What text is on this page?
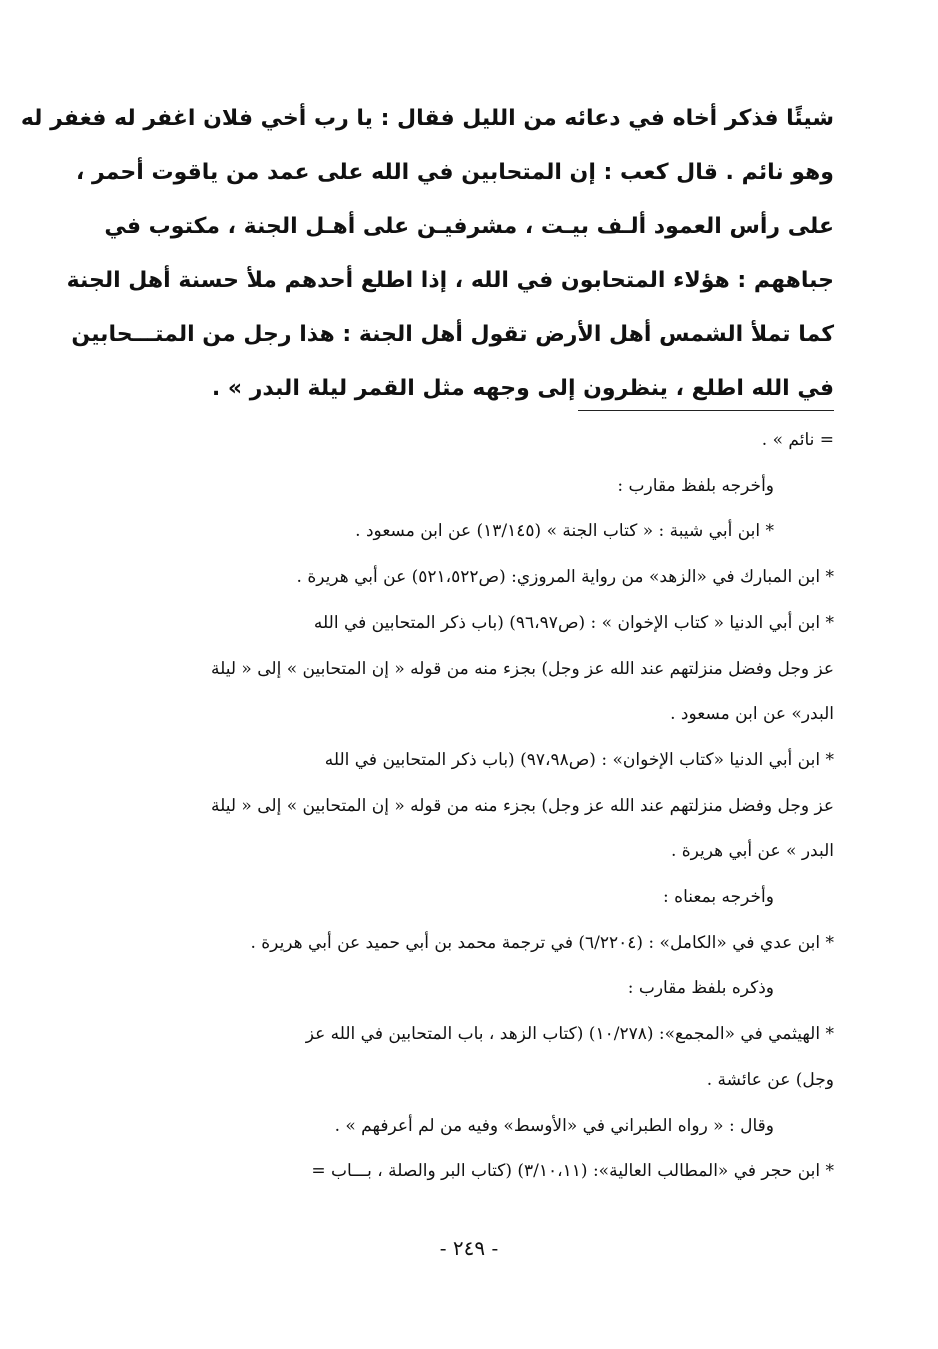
شيئًا فذكر أخاه في دعائه من الليل فقال : يا رب أخي فلان اغفر له فغفر له
وهو نائم . قال كعب : إن المتحابين في الله على عمد من ياقوت أحمر ،
على رأس العمود ألـف بيـت ، مشرفيـن على أهـل الجنة ، مكتوب في
جباههم : هؤلاء المتحابون في الله ، إذا اطلع أحدهم ملأ حسنة أهل الجنة
كما تملأ الشمس أهل الأرض تقول أهل الجنة : هذا رجل من المتـــحابين
في الله اطلع ، ينظرون إلى وجهه مثل القمر ليلة البدر » .
= نائم » .
وأخرجه بلفظ مقارب :
* ابن أبي شيبة : « كتاب الجنة » (١٣/١٤٥) عن ابن مسعود .
* ابن المبارك في «الزهد» من رواية المروزي: (ص٥٢١،٥٢٢) عن أبي هريرة .
* ابن أبي الدنيا « كتاب الإخوان » : (ص٩٦،٩٧) (باب ذكر المتحابين في الله
عز وجل وفضل منزلتهم عند الله عز وجل) بجزء منه من قوله « إن المتحابين » إلى « ليلة
البدر» عن ابن مسعود .
* ابن أبي الدنيا «كتاب الإخوان» : (ص٩٧،٩٨) (باب ذكر المتحابين في الله
عز وجل وفضل منزلتهم عند الله عز وجل) بجزء منه من قوله « إن المتحابين » إلى « ليلة
البدر » عن أبي هريرة .
وأخرجه بمعناه :
* ابن عدي في «الكامل» : (٦/٢٢٠٤) في ترجمة محمد بن أبي حميد عن أبي هريرة .
وذكره بلفظ مقارب :
* الهيثمي في «المجمع»: (١٠/٢٧٨) (كتاب الزهد ، باب المتحابين في الله عز
وجل) عن عائشة .
وقال : « رواه الطبراني في «الأوسط» وفيه من لم أعرفهم » .
* ابن حجر في «المطالب العالية»: (٣/١٠،١١) (كتاب البر والصلة ، بـــاب =
- ٢٤٩ -
